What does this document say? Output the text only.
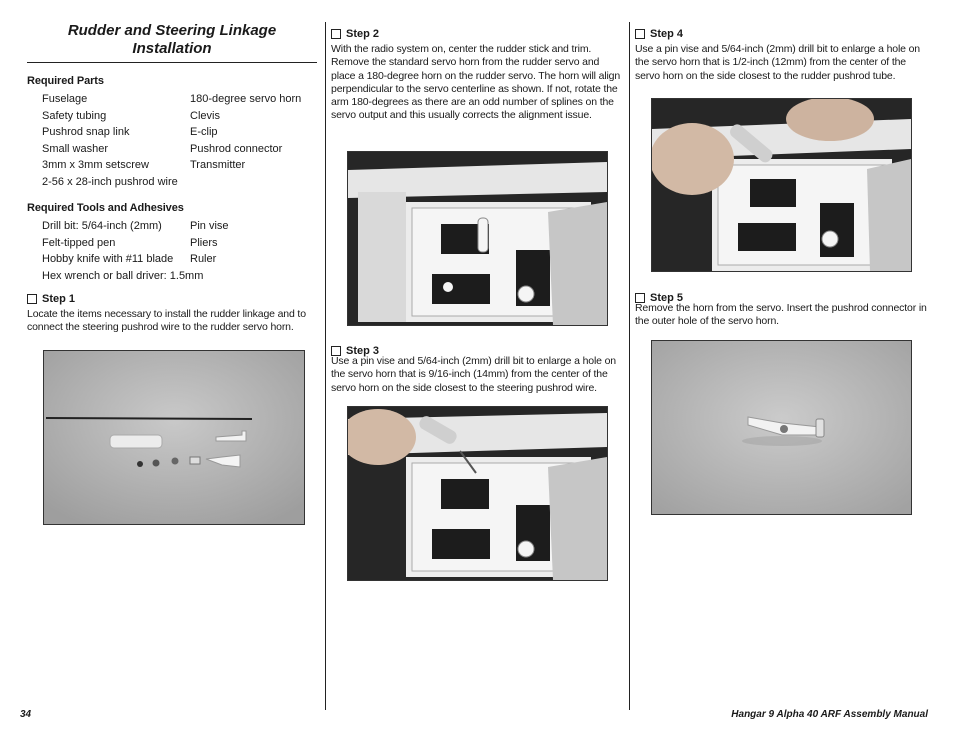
Rudder and Steering Linkage
Installation
Required Parts
Fuselage	180-degree servo horn
Safety tubing	Clevis
Pushrod snap link	E-clip
Small washer	Pushrod connector
3mm x 3mm setscrew	Transmitter
2-56 x 28-inch pushrod wire
Required Tools and Adhesives
Drill bit: 5/64-inch (2mm)	Pin vise
Felt-tipped pen	Pliers
Hobby knife with #11 blade	Ruler
Hex wrench or ball driver: 1.5mm
Step 1

Locate the items necessary to install the rudder linkage and to connect the steering pushrod wire to the rudder servo horn.

Step 2

With the radio system on, center the rudder stick and trim. Remove the standard servo horn from the rudder servo and place a 180-degree horn on the rudder servo. The horn will align perpendicular to the servo centerline as shown. If not, rotate the arm 180-degrees as there are an odd number of splines on the servo output and this usually corrects the alignment issue.

Step 3

Use a pin vise and 5/64-inch (2mm) drill bit to enlarge a hole on the servo horn that is 9/16-inch (14mm) from the center of the servo horn on the side closest to the steering pushrod wire.

Step 4

Use a pin vise and 5/64-inch (2mm) drill bit to enlarge a hole on the servo horn that is 1/2-inch (12mm) from the center of the servo horn on the side closest to the rudder pushrod tube.

Step 5

Remove the horn from the servo. Insert the pushrod connector in the outer hole of the servo horn.

34	Hangar 9 Alpha 40 ARF Assembly Manual
